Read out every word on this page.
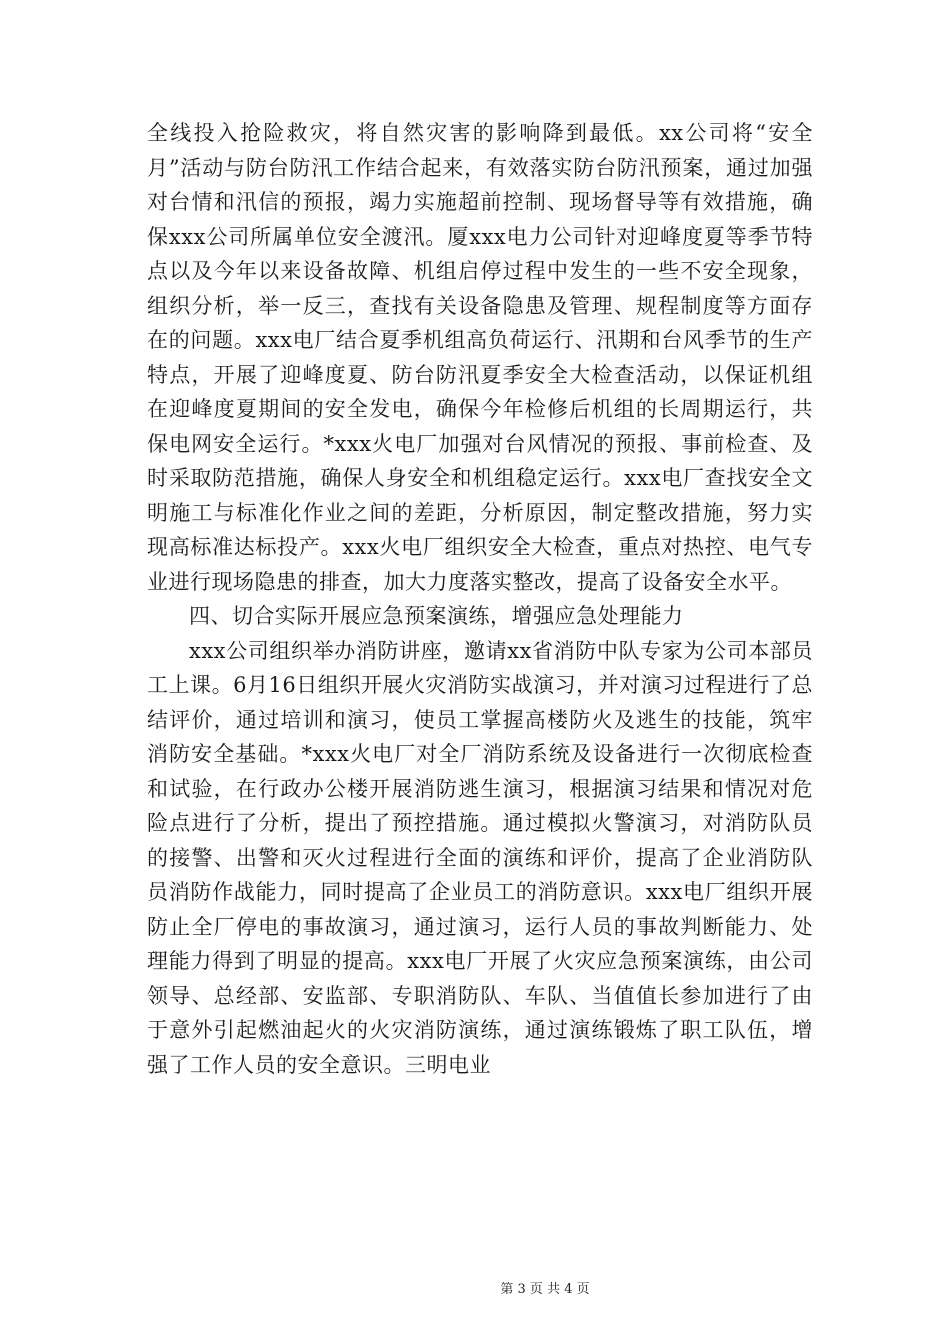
全线投入抢险救灾，将自然灾害的影响降到最低。xx公司将“安全月”活动与防台防汛工作结合起来，有效落实防台防汛预案，通过加强对台情和汛信的预报，竭力实施超前控制、现场督导等有效措施，确保xxx公司所属单位安全渡汛。厦xxx电力公司针对迎峰度夏等季节特点以及今年以来设备故障、机组启停过程中发生的一些不安全现象，组织分析，举一反三，查找有关设备隐患及管理、规程制度等方面存在的问题。xxx电厂结合夏季机组高负荷运行、汛期和台风季节的生产特点，开展了迎峰度夏、防台防汛夏季安全大检查活动，以保证机组在迎峰度夏期间的安全发电，确保今年检修后机组的长周期运行，共保电网安全运行。*xxx火电厂加强对台风情况的预报、事前检查、及时采取防范措施，确保人身安全和机组稳定运行。xxx电厂查找安全文明施工与标准化作业之间的差距，分析原因，制定整改措施，努力实现高标准达标投产。xxx火电厂组织安全大检查，重点对热控、电气专业进行现场隐患的排查，加大力度落实整改，提高了设备安全水平。

四、切合实际开展应急预案演练，增强应急处理能力

xxx公司组织举办消防讲座，邀请xx省消防中队专家为公司本部员工上课。6月16日组织开展火灾消防实战演习，并对演习过程进行了总结评价，通过培训和演习，使员工掌握高楼防火及逃生的技能，筑牢消防安全基础。*xxx火电厂对全厂消防系统及设备进行一次彻底检查和试验，在行政办公楼开展消防逃生演习，根据演习结果和情况对危险点进行了分析，提出了预控措施。通过模拟火警演习，对消防队员的接警、出警和灭火过程进行全面的演练和评价，提高了企业消防队员消防作战能力，同时提高了企业员工的消防意识。xxx电厂组织开展防止全厂停电的事故演习，通过演习，运行人员的事故判断能力、处理能力得到了明显的提高。xxx电厂开展了火灾应急预案演练，由公司领导、总经部、安监部、专职消防队、车队、当值值长参加进行了由于意外引起燃油起火的火灾消防演练，通过演练锻炼了职工队伍，增强了工作人员的安全意识。三明电业

第 3 页 共 4 页
